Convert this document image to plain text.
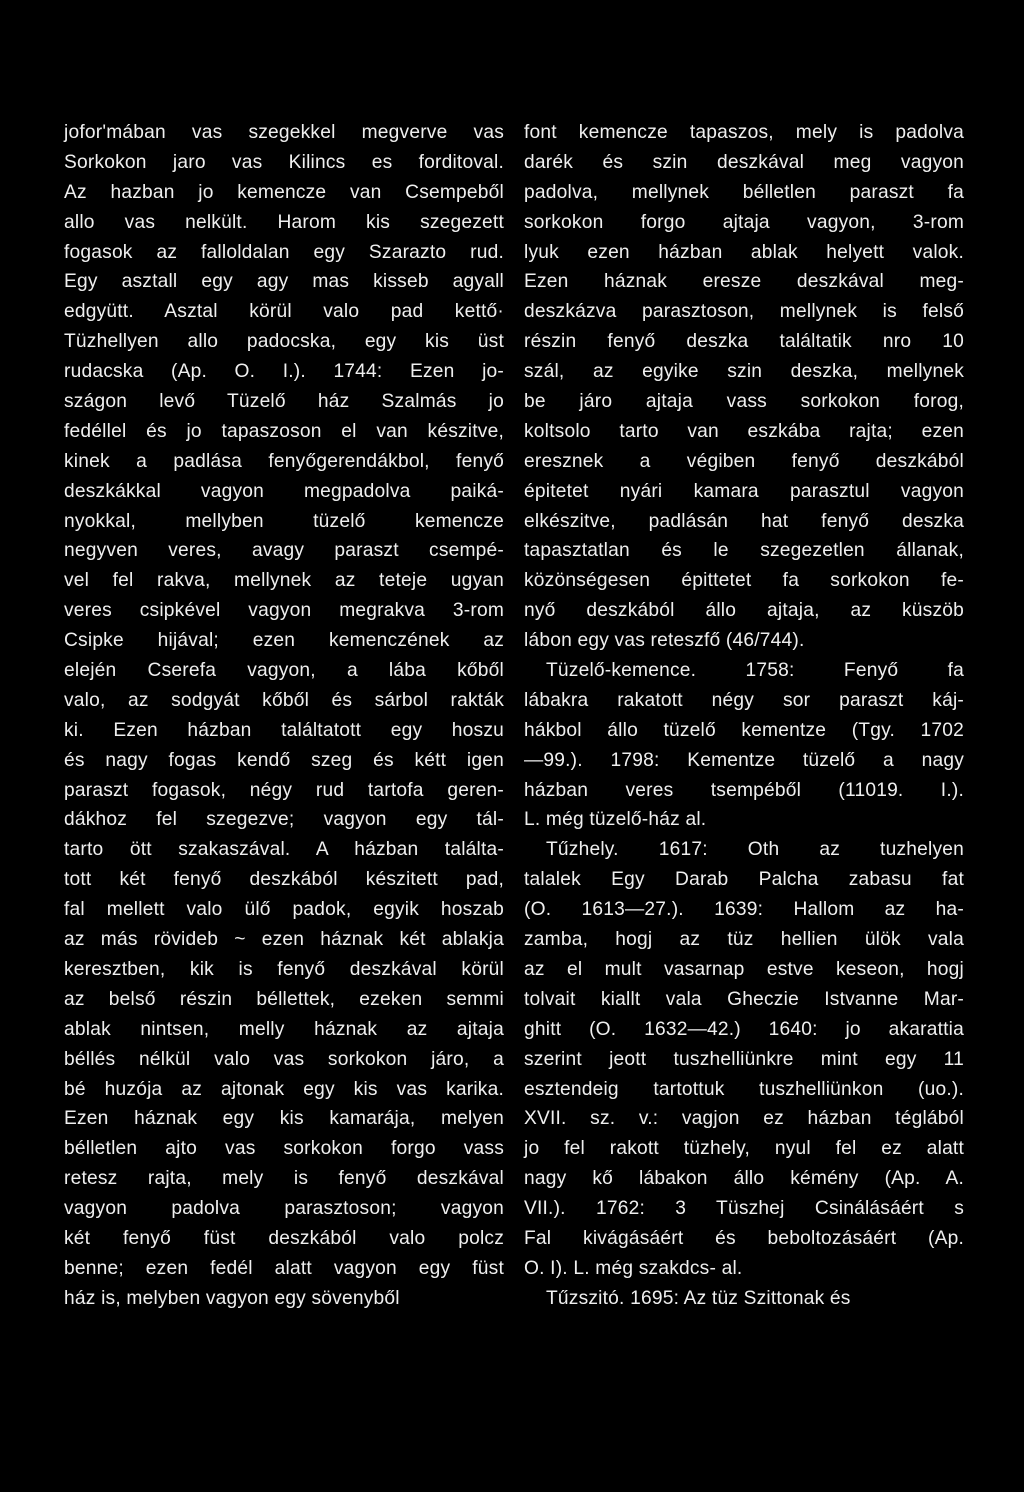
jofor'mában vas szegekkel megverve vas
Sorkokon jaro vas Kilincs es forditoval.
Az hazban jo kemencze van Csempeből
allo vas nelkült. Harom kis szegezett
fogasok az falloldalan egy Szarazto rud.
Egy asztall egy agy mas kisseb agyall
edgyütt. Asztal körül valo pad kettő·
Tüzhellyen allo padocska, egy kis üst
rudacska (Ap. O. I.). 1744: Ezen jo-
szágon levő Tüzelő ház Szalmás jo
fedéllel és jo tapaszoson el van készitve,
kinek a padlása fenyőgerendákbol, fenyő
deszkákkal vagyon megpadolva paiká-
nyokkal, mellyben tüzelő kemencze
negyven veres, avagy paraszt csempé-
vel fel rakva, mellynek az teteje ugyan
veres csipkével vagyon megrakva 3-rom
Csipke hijával; ezen kemenczének az
elején Cserefa vagyon, a lába kőből
valo, az sodgyát kőből és sárbol rakták
ki. Ezen házban találtatott egy hoszu
és nagy fogas kendő szeg és kétt igen
paraszt fogasok, négy rud tartofa geren-
dákhoz fel szegezve; vagyon egy tál-
tarto ött szakaszával. A házban találta-
tott két fenyő deszkából készitett pad,
fal mellett valo ülő padok, egyik hoszab
az más rövideb ~ ezen háznak két ablakja
keresztben, kik is fenyő deszkával körül
az belső részin béllettek, ezeken semmi
ablak nintsen, melly háznak az ajtaja
béllés nélkül valo vas sorkokon járo, a
bé huzója az ajtonak egy kis vas karika.
Ezen háznak egy kis kamarája, melyen
bélletlen ajto vas sorkokon forgo vass
retesz rajta, mely is fenyő deszkával
vagyon padolva parasztoson; vagyon
két fenyő füst deszkából valo polcz
benne; ezen fedél alatt vagyon egy füst
ház is, melyben vagyon egy sövenyből
font kemencze tapaszos, mely is padolva
darék és szin deszkával meg vagyon
padolva, mellynek bélletlen paraszt fa
sorkokon forgo ajtaja vagyon, 3-rom
lyuk ezen házban ablak helyett valok.
Ezen háznak eresze deszkával meg-
deszkázva parasztoson, mellynek is felső
részin fenyő deszka találtatik nro 10
szál, az egyike szin deszka, mellynek
be járo ajtaja vass sorkokon forog,
koltsolo tarto van eszkába rajta; ezen
eresznek a végiben fenyő deszkából
épitetet nyári kamara parasztul vagyon
elkészitve, padlásán hat fenyő deszka
tapasztatlan és le szegezetlen állanak,
közönségesen épittetet fa sorkokon fe-
nyő deszkából állo ajtaja, az küszöb
lábon egy vas reteszfő (46/744).
Tüzelő-kemence. 1758: Fenyő fa
lábakra rakatott négy sor paraszt káj-
hákbol állo tüzelő kementze (Tgy. 1702
—99.). 1798: Kementze tüzelő a nagy
házban veres tsempéből (11019. I.).
L. még tüzelő-ház al.
Tűzhely. 1617: Oth az tuzhelyen
talalek Egy Darab Palcha zabasu fat
(O. 1613—27.). 1639: Hallom az ha-
zamba, hogj az tüz hellien ülök vala
az el mult vasarnap estve keseon, hogj
tolvait kiallt vala Gheczie Istvanne Mar-
ghitt (O. 1632—42.) 1640: jo akarattia
szerint jeott tuszhelliünkre mint egy 11
esztendeig tartottuk tuszhelliünkon (uo.).
XVII. sz. v.: vagjon ez házban téglából
jo fel rakott tüzhely, nyul fel ez alatt
nagy kő lábakon állo kémény (Ap. A.
VII.). 1762: 3 Tüszhej Csinálásáért s
Fal kivágásáért és beboltozásáért (Ap.
O. I). L. még szakdcs- al.
Tűzszitó. 1695: Az tüz Szittonak és
